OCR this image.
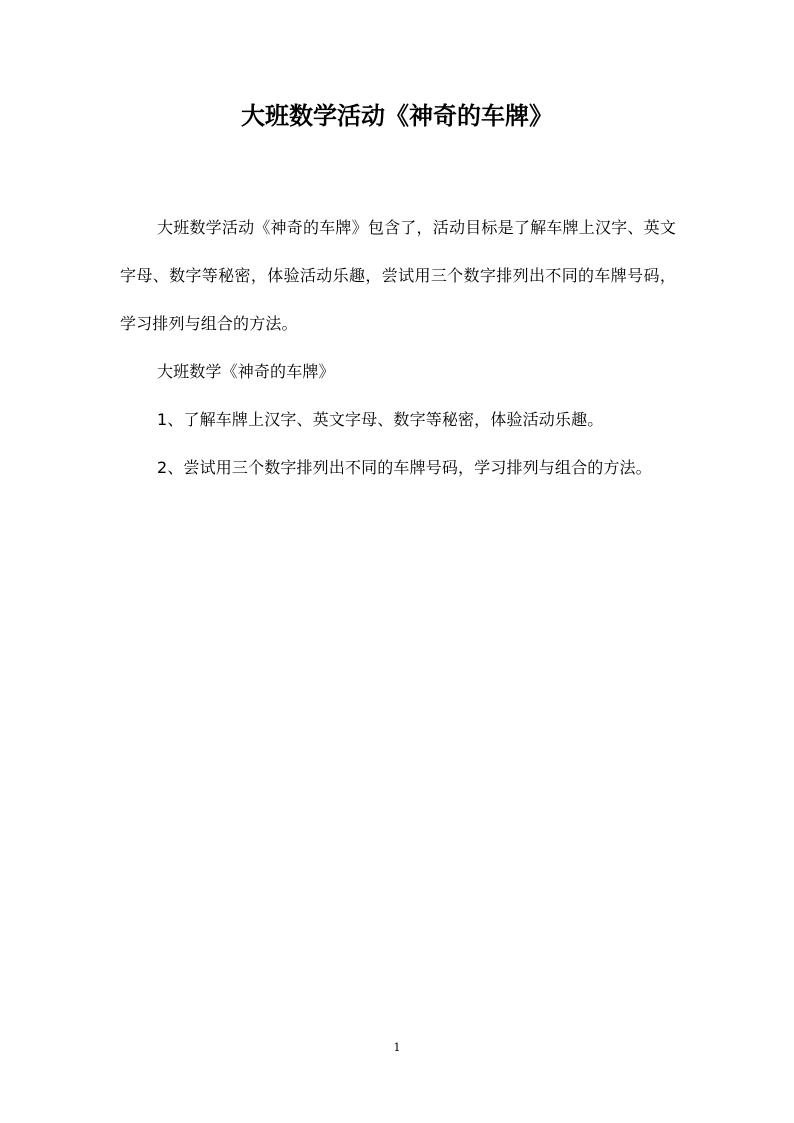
大班数学活动《神奇的车牌》

大班数学活动《神奇的车牌》包含了，活动目标是了解车牌上汉字、英文字母、数字等秘密，体验活动乐趣，尝试用三个数字排列出不同的车牌号码，学习排列与组合的方法。

大班数学《神奇的车牌》

1、了解车牌上汉字、英文字母、数字等秘密，体验活动乐趣。

2、尝试用三个数字排列出不同的车牌号码，学习排列与组合的方法。

1
